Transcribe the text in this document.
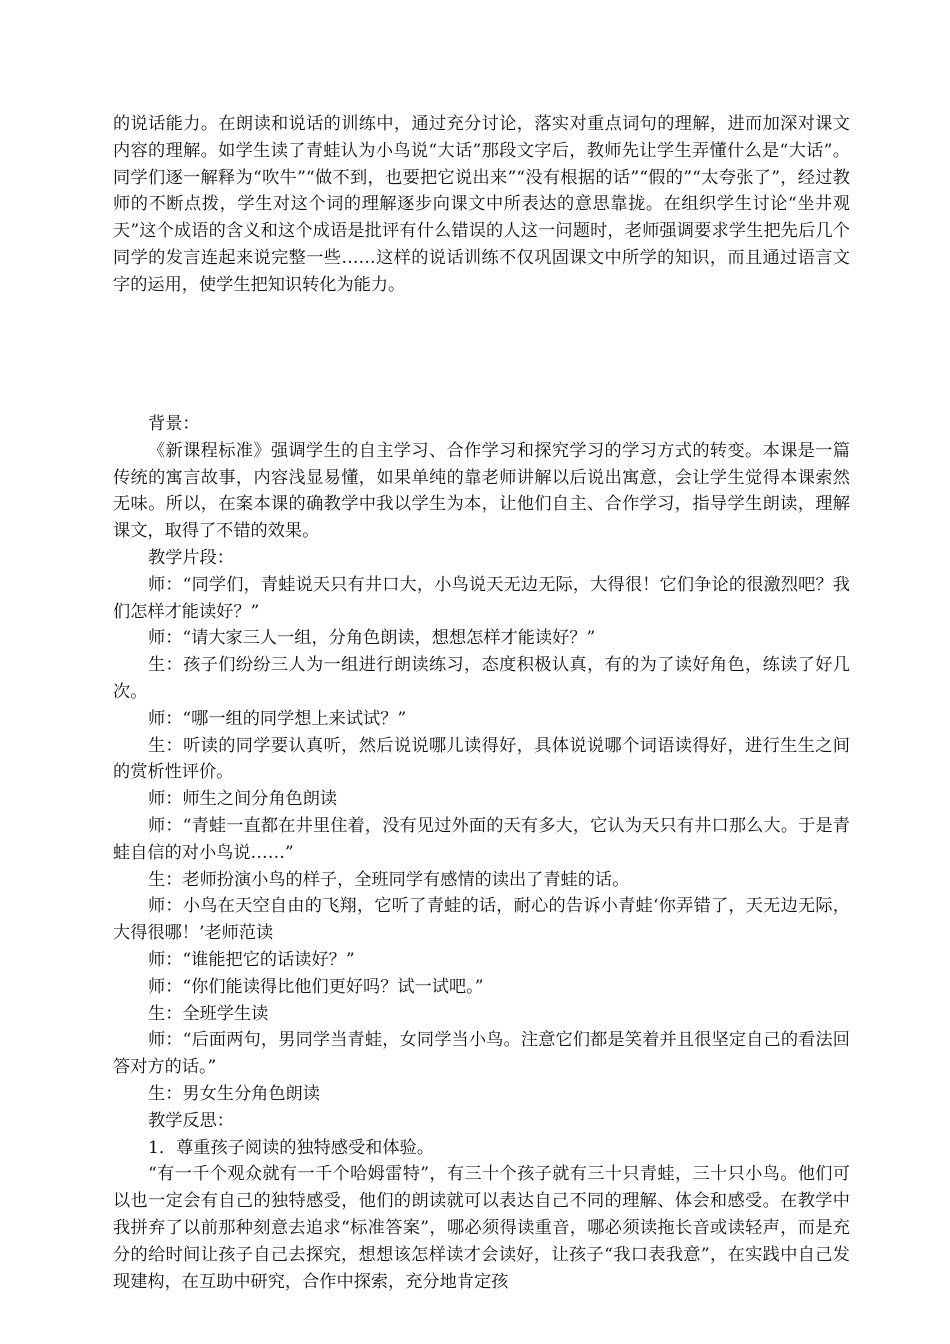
的说话能力。在朗读和说话的训练中，通过充分讨论，落实对重点词句的理解，进而加深对课文内容的理解。如学生读了青蛙认为小鸟说“大话”那段文字后，教师先让学生弄懂什么是“大话”。同学们逐一解释为“吹牛”“做不到，也要把它说出来”“没有根据的话”“假的”“太夸张了”，经过教师的不断点拨，学生对这个词的理解逐步向课文中所表达的意思靠拢。在组织学生讨论“坐井观天”这个成语的含义和这个成语是批评有什么错误的人这一问题时，老师强调要求学生把先后几个同学的发言连起来说完整一些……这样的说话训练不仅巩固课文中所学的知识，而且通过语言文字的运用，使学生把知识转化为能力。

背景：

《新课程标准》强调学生的自主学习、合作学习和探究学习的学习方式的转变。本课是一篇传统的寓言故事，内容浅显易懂，如果单纯的靠老师讲解以后说出寓意，会让学生觉得本课索然无味。所以，在案本课的确教学中我以学生为本，让他们自主、合作学习，指导学生朗读，理解课文，取得了不错的效果。

教学片段：

师：“同学们，青蛙说天只有井口大，小鸟说天无边无际，大得很！它们争论的很激烈吧？我们怎样才能读好？”

师：“请大家三人一组，分角色朗读，想想怎样才能读好？”

生：孩子们纷纷三人为一组进行朗读练习，态度积极认真，有的为了读好角色，练读了好几次。

师：“哪一组的同学想上来试试？”

生：听读的同学要认真听，然后说说哪儿读得好，具体说说哪个词语读得好，进行生生之间的赏析性评价。

师：师生之间分角色朗读

师：“青蛙一直都在井里住着，没有见过外面的天有多大，它认为天只有井口那么大。于是青蛙自信的对小鸟说……”

生：老师扮演小鸟的样子，全班同学有感情的读出了青蛙的话。

师：小鸟在天空自由的飞翔，它听了青蛙的话，耐心的告诉小青蛙‘你弄错了，天无边无际，大得很哪！’老师范读

师：“谁能把它的话读好？”

师：“你们能读得比他们更好吗？试一试吧。”

生：全班学生读

师：“后面两句，男同学当青蛙，女同学当小鸟。注意它们都是笑着并且很坚定自己的看法回答对方的话。”

生：男女生分角色朗读

教学反思：

1．尊重孩子阅读的独特感受和体验。

“有一千个观众就有一千个哈姆雷特”，有三十个孩子就有三十只青蛙，三十只小鸟。他们可以也一定会有自己的独特感受，他们的朗读就可以表达自己不同的理解、体会和感受。在教学中我拼弃了以前那种刻意去追求“标准答案”，哪必须得读重音，哪必须读拖长音或读轻声，而是充分的给时间让孩子自己去探究，想想该怎样读才会读好，让孩子“我口表我意”，在实践中自己发现建构，在互助中研究，合作中探索，充分地肯定孩
